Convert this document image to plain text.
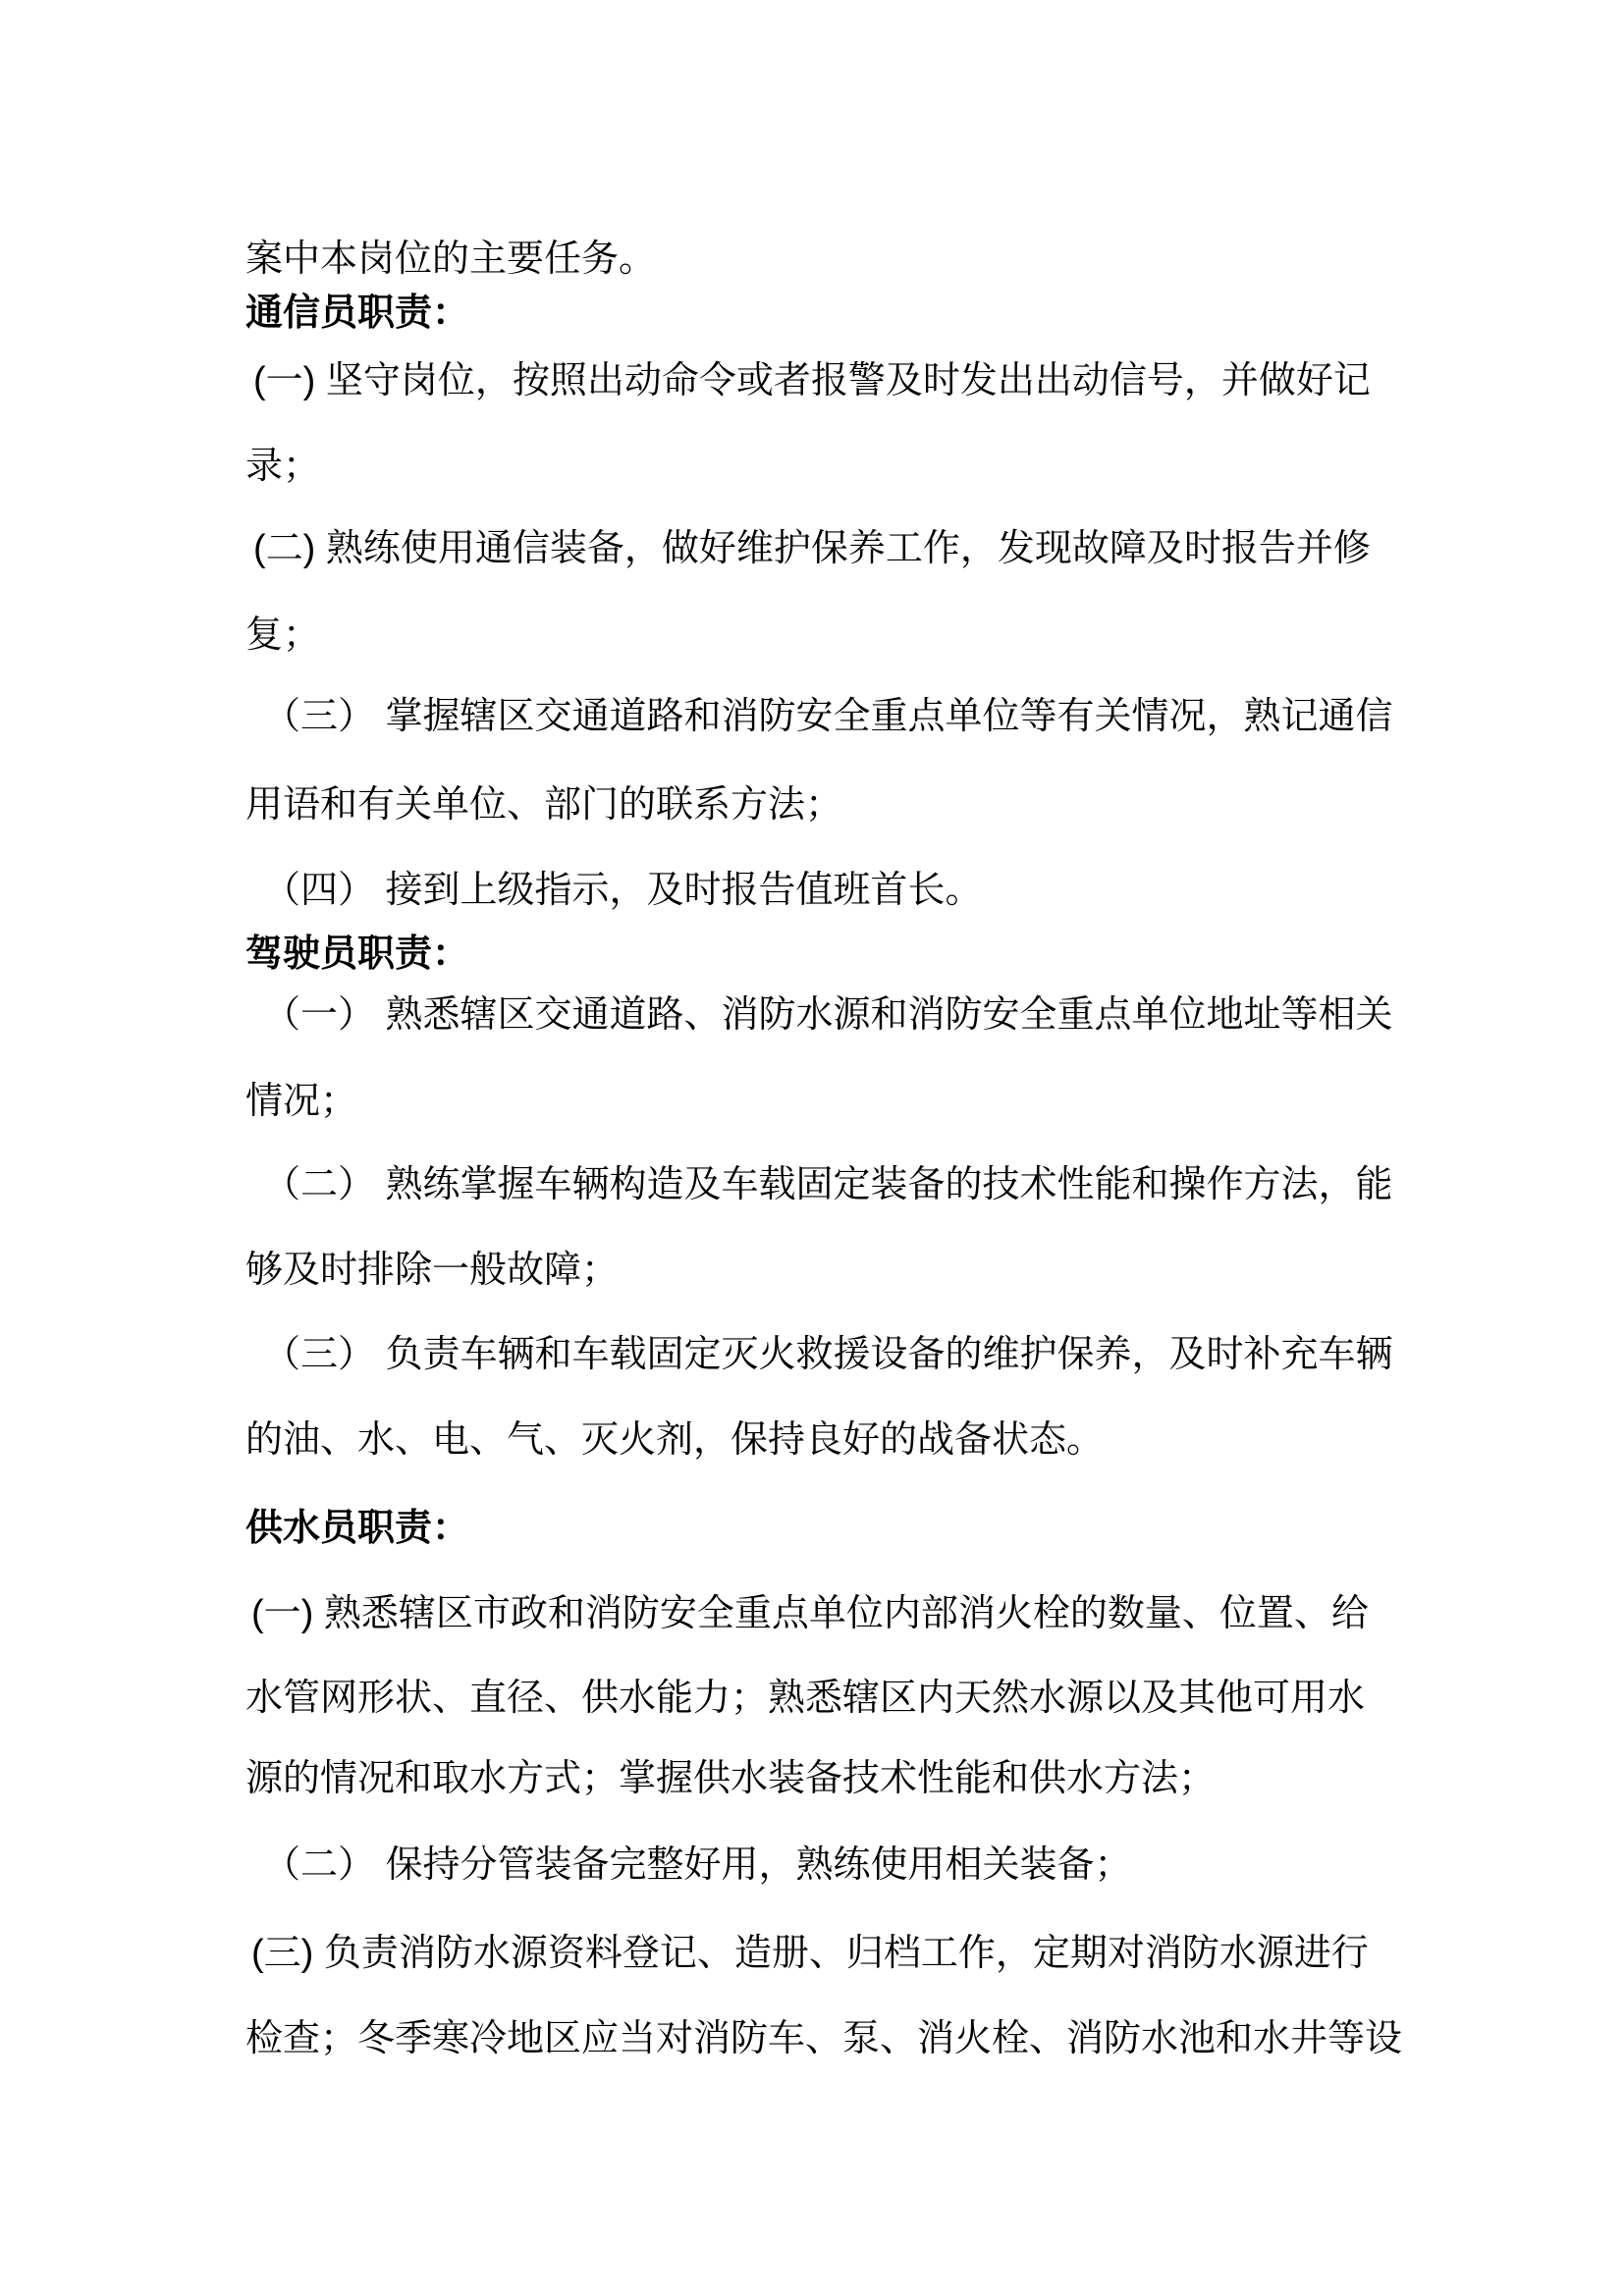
案中本岗位的主要任务。
通信员职责：
(一) 坚守岗位，按照出动命令或者报警及时发出出动信号，并做好记
录；
(二) 熟练使用通信装备，做好维护保养工作，发现故障及时报告并修
复；
（三） 掌握辖区交通道路和消防安全重点单位等有关情况，熟记通信
用语和有关单位、部门的联系方法；
（四） 接到上级指示，及时报告值班首长。
驾驶员职责：
（一） 熟悉辖区交通道路、消防水源和消防安全重点单位地址等相关
情况；
（二） 熟练掌握车辆构造及车载固定装备的技术性能和操作方法，能
够及时排除一般故障；
（三） 负责车辆和车载固定灭火救援设备的维护保养，及时补充车辆
的油、水、电、气、灭火剂，保持良好的战备状态。
供水员职责：
(一) 熟悉辖区市政和消防安全重点单位内部消火栓的数量、位置、给
水管网形状、直径、供水能力；熟悉辖区内天然水源以及其他可用水
源的情况和取水方式；掌握供水装备技术性能和供水方法；
（二） 保持分管装备完整好用，熟练使用相关装备；
(三) 负责消防水源资料登记、造册、归档工作，定期对消防水源进行
检查；冬季寒冷地区应当对消防车、泵、消火栓、消防水池和水井等设
